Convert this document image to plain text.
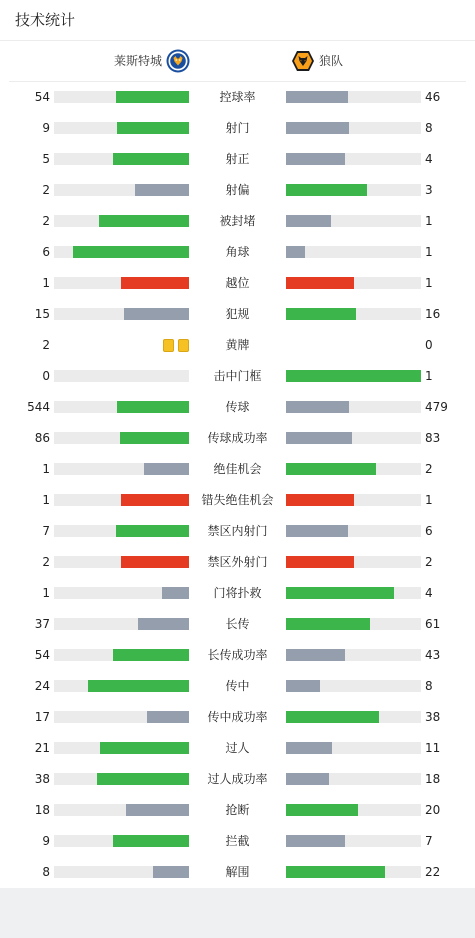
技术统计
莱斯特城	狼队
54	控球率	46
9	射门	8
5	射正	4
2	射偏	3
2	被封堵	1
6	角球	1
1	越位	1
15	犯规	16
2	黄牌	0
0	击中门框	1
544	传球	479
86	传球成功率	83
1	绝佳机会	2
1	错失绝佳机会	1
7	禁区内射门	6
2	禁区外射门	2
1	门将扑救	4
37	长传	61
54	长传成功率	43
24	传中	8
17	传中成功率	38
21	过人	11
38	过人成功率	18
18	抢断	20
9	拦截	7
8	解围	22
